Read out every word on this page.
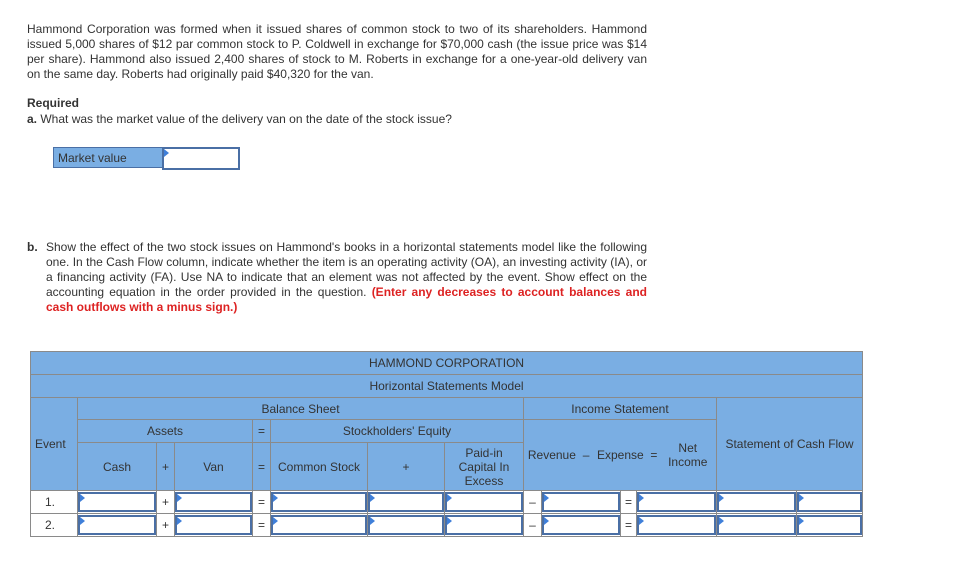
Hammond Corporation was formed when it issued shares of common stock to two of its shareholders. Hammond issued 5,000 shares of $12 par common stock to P. Coldwell in exchange for $70,000 cash (the issue price was $14 per share). Hammond also issued 2,400 shares of stock to M. Roberts in exchange for a one-year-old delivery van on the same day. Roberts had originally paid $40,320 for the van.
Required
a. What was the market value of the delivery van on the date of the stock issue?
Market value
b. Show the effect of the two stock issues on Hammond's books in a horizontal statements model like the following one. In the Cash Flow column, indicate whether the item is an operating activity (OA), an investing activity (IA), or a financing activity (FA). Use NA to indicate that an element was not affected by the event. Show effect on the accounting equation in the order provided in the question. (Enter any decreases to account balances and cash outflows with a minus sign.)
HAMMOND CORPORATION													
Horizontal Statements Model													
Event	Balance Sheet							Income Statement				Statement of Cash Flow	
	Assets			=	Stockholders' Equity			Revenue – Expense = Net Income					

	Cash	+	Van	=	Common Stock	+	Paid-in Capital In Excess						
1.		+		=				–		=	

2.		+		=				–		=	
